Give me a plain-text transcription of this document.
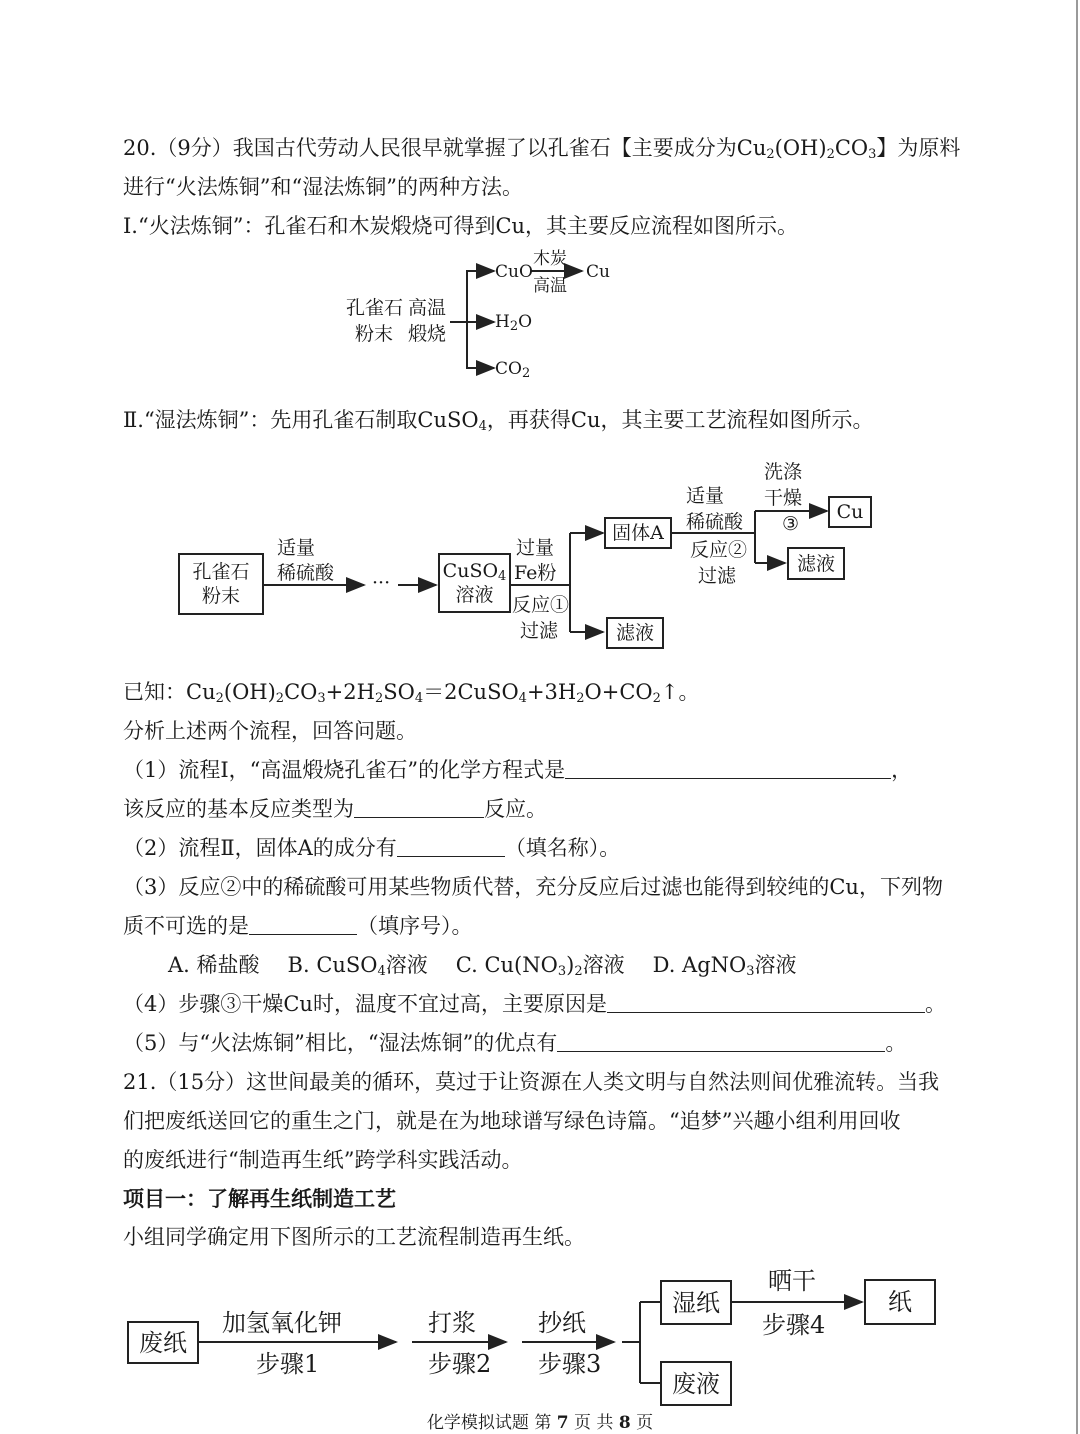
20.（9分）我国古代劳动人民很早就掌握了以孔雀石【主要成分为$Cu_2(OH)_2CO_3$】为原料
进行“火法炼铜”和“湿法炼铜”的两种方法。
Ⅰ.“火法炼铜”：孔雀石和木炭煅烧可得到Cu，其主要反应流程如图所示。
孔雀石
粉末
高温
煅烧
CuO
木炭
高温
Cu
$H_2O$
$CO_2$
Ⅱ.“湿法炼铜”：先用孔雀石制取CuSO$_4$，再获得Cu，其主要工艺流程如图所示。
孔雀石
粉末
适量
稀硫酸 ···
CuSO$_4$
溶液
过量
Fe粉
反应①
过滤
固体A
滤液
适量
稀硫酸
反应②
过滤
洗涤
干燥
③
Cu
滤液
已知：$Cu_2(OH)_2CO_3+2H_2SO_4=2CuSO_4+3H_2O+CO_2↑$。
分析上述两个流程，回答问题。
（1）流程Ⅰ，“高温煅烧孔雀石”的化学方程式是	，
该反应的基本反应类型为	反应。
（2）流程Ⅱ，固体A的成分有	（填名称）。
（3）反应②中的稀硫酸可用某些物质代替，充分反应后过滤也能得到较纯的Cu，下列物
质不可选的是	（填序号）。
A. 稀盐酸 B. CuSO$_4$溶液 C. $Cu(NO_3)_2$溶液 D. AgNO$_3$溶液
（4）步骤③干燥Cu时，温度不宜过高，主要原因是	。
（5）与“火法炼铜”相比，“湿法炼铜”的优点有	。
21.（15分）这世间最美的循环，莫过于让资源在人类文明与自然法则间优雅流转。当我
们把废纸送回它的重生之门，就是在为地球谱写绿色诗篇。“追梦”兴趣小组利用回收
的废纸进行“制造再生纸”跨学科实践活动。
项目一：了解再生纸制造工艺
小组同学确定用下图所示的工艺流程制造再生纸。
废纸
加氢氧化钾
步骤1
打浆
步骤2
抄纸
步骤3
湿纸
废液
晒干
步骤4
纸
化学模拟试题 第 7 页 共 8 页
